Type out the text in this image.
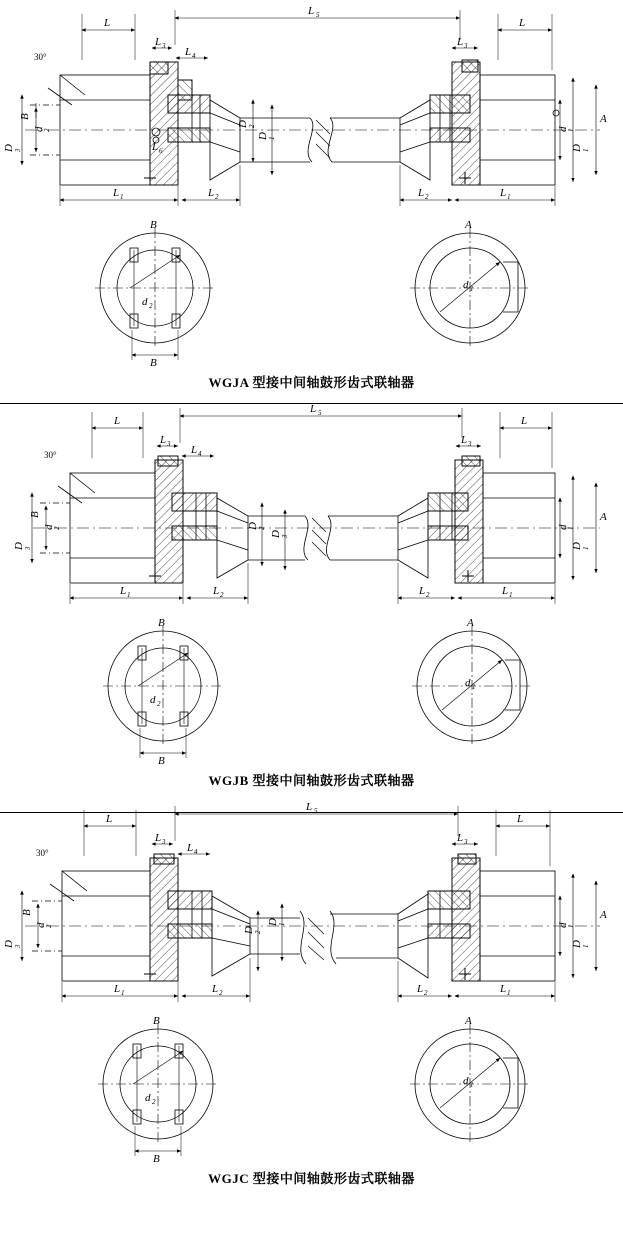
30°
L
L 5
L
L 3 L 4
L 3
L 1	L 2	L 2	L 1
D 3
d
2
B
L 6
D 2
D 1
d
1
D 1
A
B
B
d 2
A
d 1
WGJA 型接中间轴鼓形齿式联轴器
30°
L
L 5
L
L 3 L 4
L 3
L 1	L 2	L 2	L 1
D 3
d
2
B
D 2
D 3
d
1
D 1
A
B
B
d 2
A
d 1
WGJB 型接中间轴鼓形齿式联轴器
30°
L
L 5
L
L 3 L 4
L 3
L 1	L 2	L 2	L 1
D 3
d
2
B
D 2
D 1	d
1
D 1
A
B
B
d 2
A
d 1
WGJC 型接中间轴鼓形齿式联轴器
